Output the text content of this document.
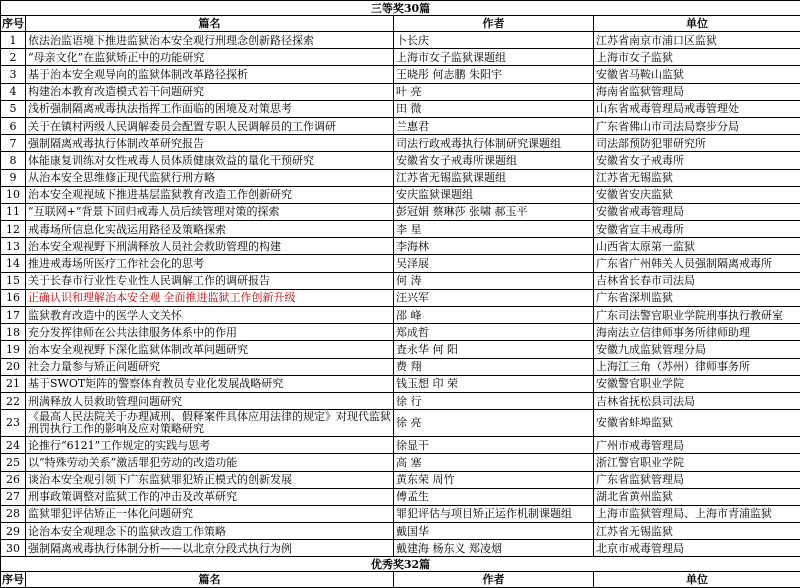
三等奖30篇			
序号	篇名	作者	单位
1	依法治监语境下推进监狱治本安全观行刑理念创新路径探索	卜长庆	江苏省南京市浦口区监狱
2	“母亲文化”在监狱矫正中的功能研究	上海市女子监狱课题组	上海市女子监狱
3	基于治本安全观导向的监狱体制改革路径探析	王晓彤 何志鹏 朱阳宇	安徽省马鞍山监狱
4	构建治本教育改造模式若干问题研究	叶 亮	海南省监狱管理局
5	浅析强制隔离戒毒执法指挥工作面临的困境及对策思考	田 微	山东省戒毒管理局戒毒管理处
6	关于在镇村两级人民调解委员会配置专职人民调解员的工作调研	兰惠君	广东省佛山市司法局察步分局
7	强制隔离戒毒执行体制改革研究报告	司法行政戒毒执行体制研究课题组	司法部预防犯罪研究所
8	体能康复训练对女性戒毒人员体质健康效益的量化干预研究	安徽省女子戒毒所课题组	安徽省女子戒毒所
9	从治本安全思维修正现代监狱行刑方略	江苏省无锡监狱课题组	江苏省无锡监狱
10	治本安全观视域下推进基层监狱教育改造工作创新研究	安庆监狱课题组	安徽省安庆监狱
11	“互联网+”背景下回归戒毒人员后续管理对策的探索	彭冠娟 蔡琳莎 张啸 郝玉平	安徽省戒毒管理局
12	戒毒场所信息化实战运用路径及策略探索	李 星	安徽省宣丰戒毒所
13	治本安全观视野下刑满释放人员社会救助管理的构建	李海林	山西省太原第一监狱
14	推进戒毒场所医疗工作社会化的思考	吴泽展	广东省广州韩关人员强制隔离戒毒所
15	关于长春市行业性专业性人民调解工作的调研报告	何 涛	吉林省长春市司法局
16	正确认识和理解治本安全观 全面推进监狱工作创新升级	汪兴军	广东省深圳监狱
17	监狱教育改造中的医学人文关怀	邵 峰	广东司法警官职业学院刑事执行教研室
18	充分发挥律师在公共法律服务体系中的作用	郑成哲	海南法立信律师事务所律师助理
19	治本安全观视野下深化监狱体制改革问题研究	査永华 何 阳	安徽九成监狱管理分局
20	社会力量参与矫正问题研究	费 翔	上海江三角（苏州）律师事务所
21	基于SWOT矩阵的警察体育教员专业化发展战略研究	钱玉想 印 荣	安徽警官职业学院
22	刑满释放人员救助管理问题研究	徐 行	吉林省抚松县司法局
23	《最高人民法院关于办理减刑、假释案件具体应用法律的规定》对现代监狱刑罚执行工作的影响及应对策略研究	徐 亮	安徽省蚌埠监狱
24	论推行“6121”工作规定的实践与思考	徐显干	广州市戒毒管理局
25	以“特殊劳动关系”激活罪犯劳动的改造功能	高 塞	浙江警官职业学院
26	谈治本安全观引领下广东监狱罪犯矫正模式的创新发展	黄东荣 周竹	广东省监狱管理局
27	刑事政策调整对监狱工作的冲击及改革研究	傅孟生	湖北省黄州监狱
28	监狱罪犯评估矫正一体化问题研究	罪犯评估与项目矫正运作机制课题组	上海市监狱管理局、上海市青浦监狱
29	论治本安全观理念下的监狱改造工作策略	戴国华	江苏省无锡监狱
30	强制隔离戒毒执行体制分析——以北京分段式执行为例	戴建海 杨东义 郑凌烟	北京市戒毒管理局
优秀奖32篇			
序号	篇名	作者	单位
